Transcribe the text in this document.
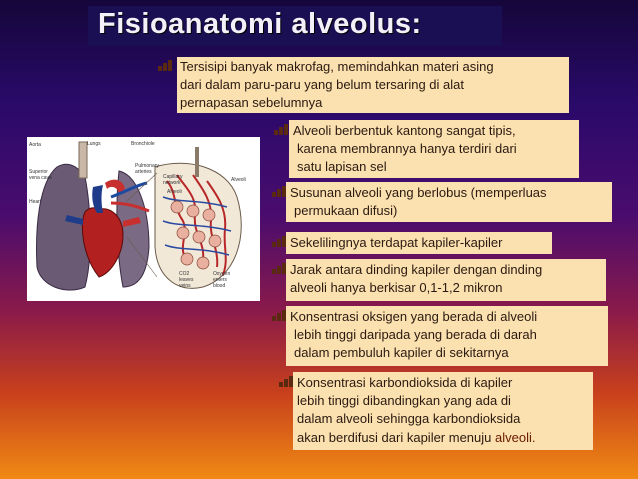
Fisioanatomi alveolus:
Tersisipi banyak makrofag, memindahkan materi asing
dari dalam paru-paru yang belum tersaring di alat
pernapasan sebelumnya
Alveoli berbentuk kantong sangat tipis,
karena membrannya hanya terdiri dari
satu lapisan sel
Susunan alveoli yang berlobus (memperluas
permukaan difusi)
Sekelilingnya terdapat kapiler-kapiler
Jarak antara dinding kapiler dengan dinding
alveoli hanya berkisar 0,1-1,2 mikron
Konsentrasi oksigen yang berada di alveoli
lebih tinggi daripada yang berada di darah
dalam pembuluh kapiler di sekitarnya
Konsentrasi karbondioksida di kapiler
lebih tinggi dibandingkan yang ada di
dalam alveoli sehingga karbondioksida
akan berdifusi dari kapiler menuju alveoli.
Aorta	Lungs	Bronchiole
Pulmonary arteries
Superior vena cava
Heart
Capillary network
Alveoli
Alveoli
CO2 leaves veins
Oxygen enters blood
